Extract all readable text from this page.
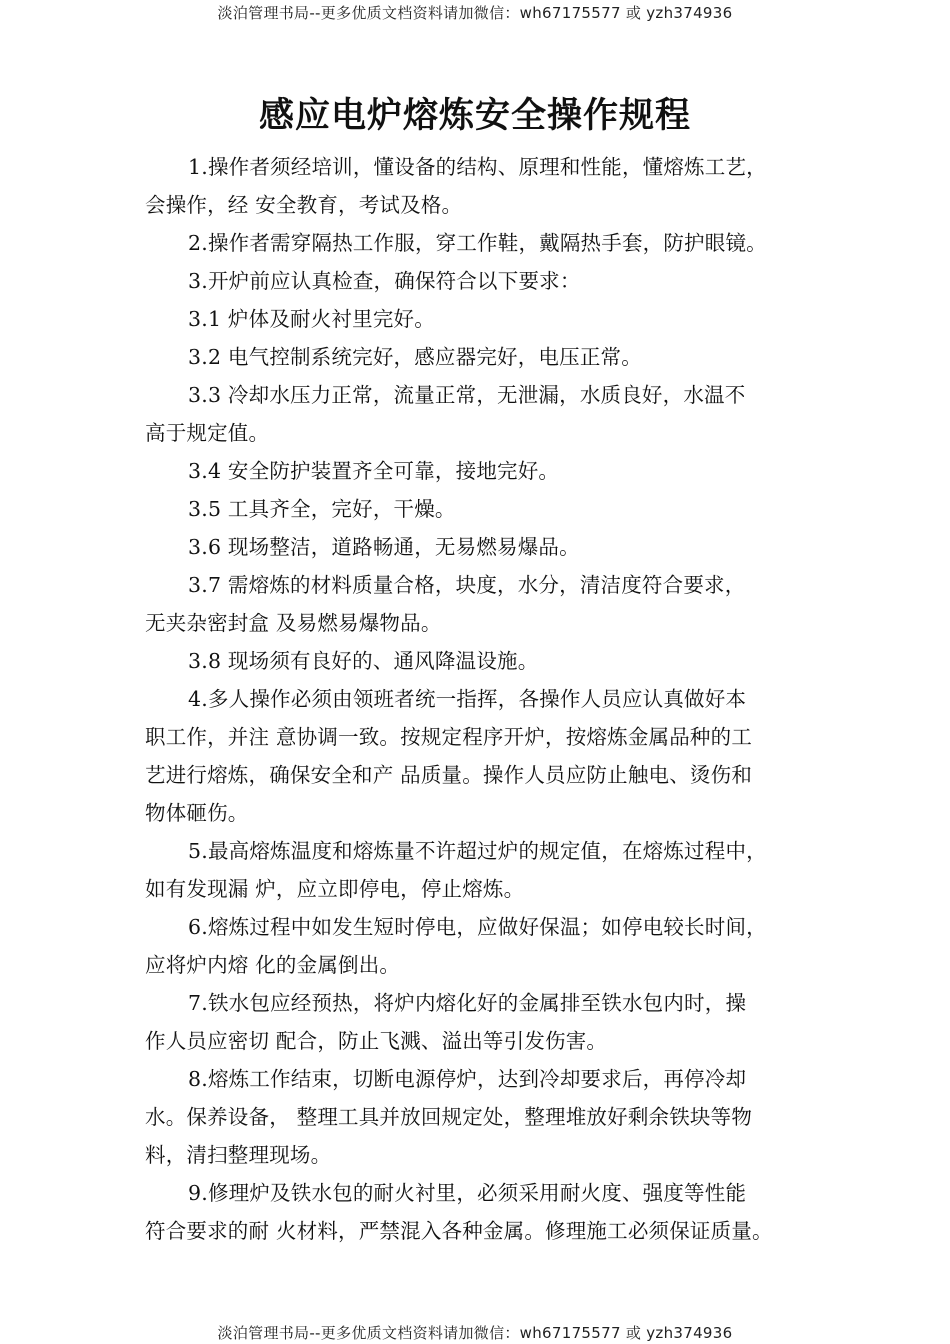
淡泊管理书局--更多优质文档资料请加微信：wh67175577 或 yzh374936
感应电炉熔炼安全操作规程
1.操作者须经培训，懂设备的结构、原理和性能，懂熔炼工艺，
会操作，经 安全教育，考试及格。
2.操作者需穿隔热工作服，穿工作鞋，戴隔热手套，防护眼镜。
3.开炉前应认真检查，确保符合以下要求：
3.1 炉体及耐火衬里完好。
3.2 电气控制系统完好，感应器完好，电压正常。
3.3 冷却水压力正常，流量正常，无泄漏，水质良好，水温不
高于规定值。
3.4 安全防护装置齐全可靠，接地完好。
3.5 工具齐全，完好，干燥。
3.6 现场整洁，道路畅通，无易燃易爆品。
3.7 需熔炼的材料质量合格，块度，水分，清洁度符合要求，
无夹杂密封盒 及易燃易爆物品。
3.8 现场须有良好的、通风降温设施。
4.多人操作必须由领班者统一指挥，各操作人员应认真做好本
职工作，并注 意协调一致。按规定程序开炉，按熔炼金属品种的工
艺进行熔炼，确保安全和产 品质量。操作人员应防止触电、烫伤和
物体砸伤。
5.最高熔炼温度和熔炼量不许超过炉的规定值，在熔炼过程中，
如有发现漏 炉，应立即停电，停止熔炼。
6.熔炼过程中如发生短时停电，应做好保温；如停电较长时间，
应将炉内熔 化的金属倒出。
7.铁水包应经预热，将炉内熔化好的金属排至铁水包内时，操
作人员应密切 配合，防止飞溅、溢出等引发伤害。
8.熔炼工作结束，切断电源停炉，达到冷却要求后，再停冷却
水。保养设备， 整理工具并放回规定处，整理堆放好剩余铁块等物
料，清扫整理现场。
9.修理炉及铁水包的耐火衬里，必须采用耐火度、强度等性能
符合要求的耐 火材料，严禁混入各种金属。修理施工必须保证质量。
淡泊管理书局--更多优质文档资料请加微信：wh67175577 或 yzh374936
